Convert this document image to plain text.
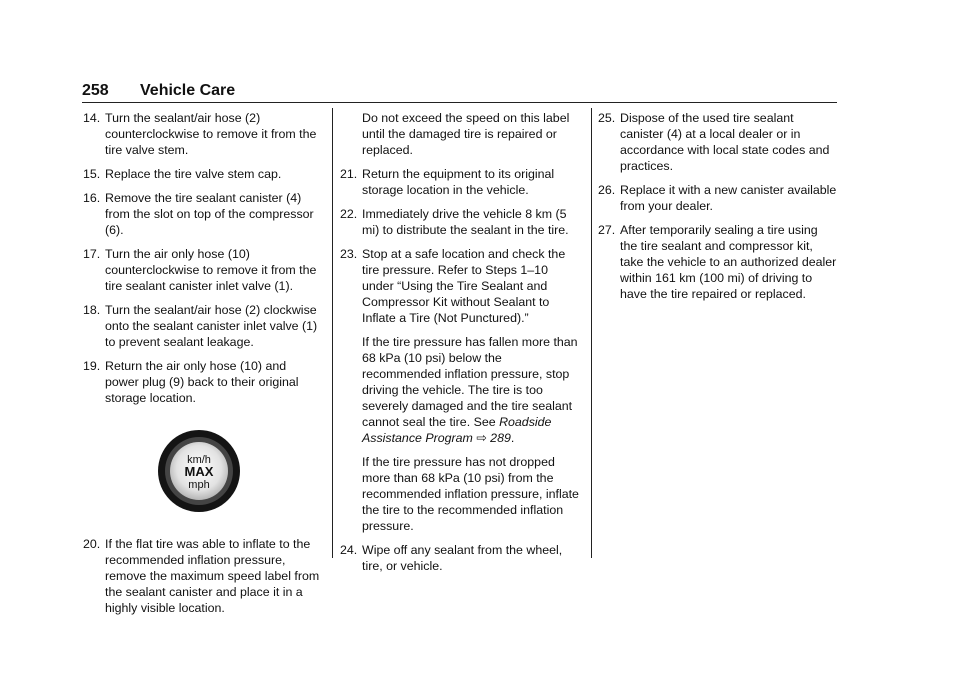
258 Vehicle Care
14. Turn the sealant/air hose (2) counterclockwise to remove it from the tire valve stem.
15. Replace the tire valve stem cap.
16. Remove the tire sealant canister (4) from the slot on top of the compressor (6).
17. Turn the air only hose (10) counterclockwise to remove it from the tire sealant canister inlet valve (1).
18. Turn the sealant/air hose (2) clockwise onto the sealant canister inlet valve (1) to prevent sealant leakage.
19. Return the air only hose (10) and power plug (9) back to their original storage location.
km/h
MAX
mph
20. If the flat tire was able to inflate to the recommended inflation pressure, remove the maximum speed label from the sealant canister and place it in a highly visible location.
Do not exceed the speed on this label until the damaged tire is repaired or replaced.
21. Return the equipment to its original storage location in the vehicle.
22. Immediately drive the vehicle 8 km (5 mi) to distribute the sealant in the tire.
23. Stop at a safe location and check the tire pressure. Refer to Steps 1–10 under “Using the Tire Sealant and Compressor Kit without Sealant to Inflate a Tire (Not Punctured).”
If the tire pressure has fallen more than 68 kPa (10 psi) below the recommended inflation pressure, stop driving the vehicle. The tire is too severely damaged and the tire sealant cannot seal the tire. See Roadside Assistance Program ⇨ 289.
If the tire pressure has not dropped more than 68 kPa (10 psi) from the recommended inflation pressure, inflate the tire to the recommended inflation pressure.
24. Wipe off any sealant from the wheel, tire, or vehicle.
25. Dispose of the used tire sealant canister (4) at a local dealer or in accordance with local state codes and practices.
26. Replace it with a new canister available from your dealer.
27. After temporarily sealing a tire using the tire sealant and compressor kit, take the vehicle to an authorized dealer within 161 km (100 mi) of driving to have the tire repaired or replaced.
